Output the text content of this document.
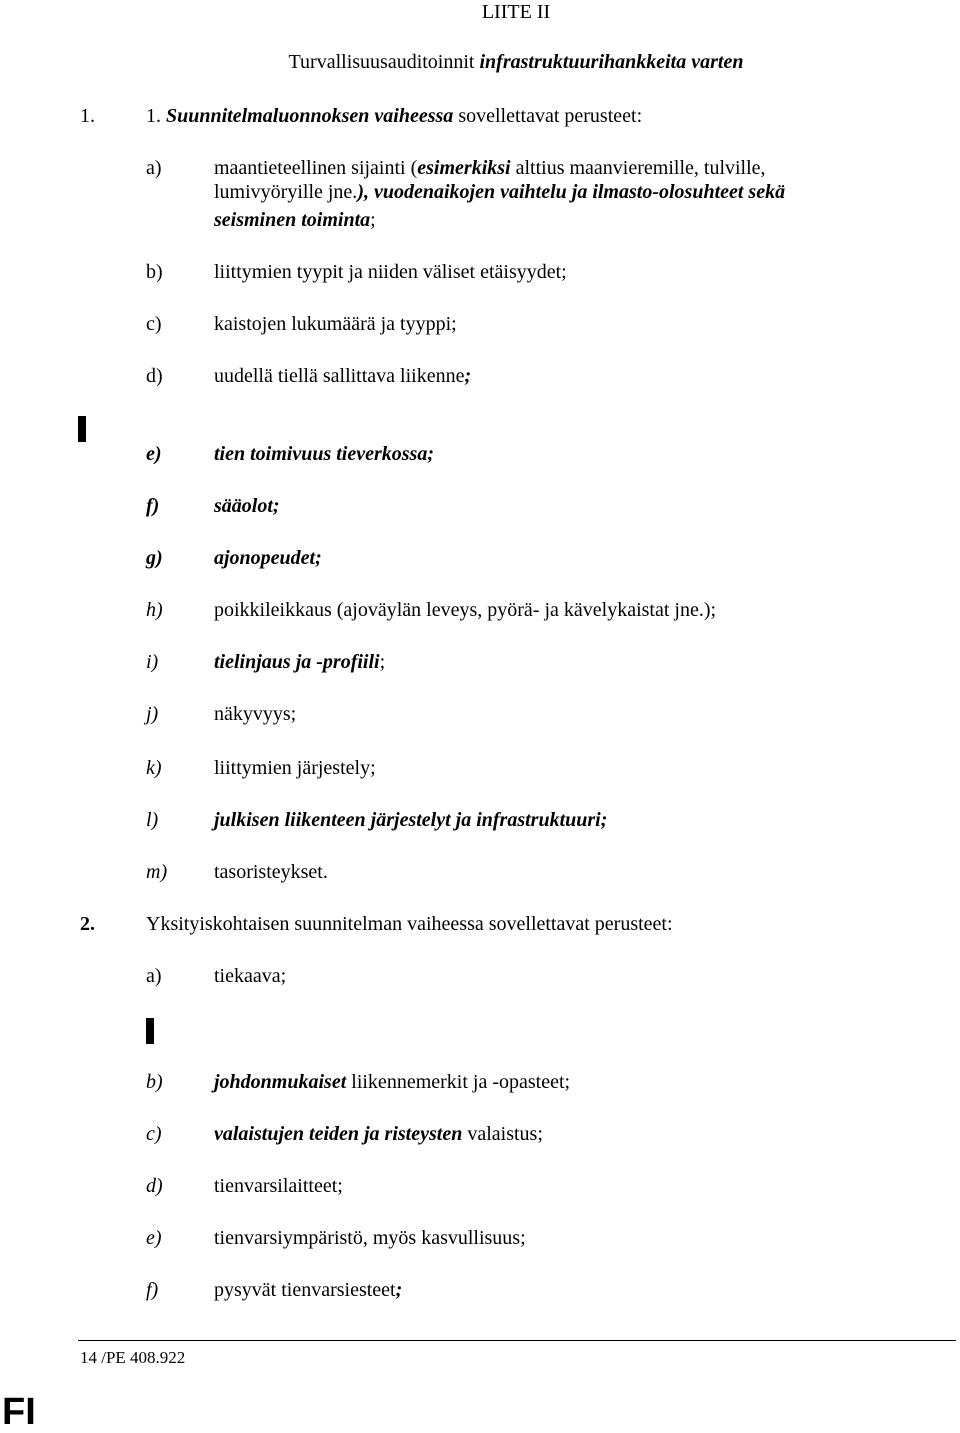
LIITE II
Turvallisuusauditoinnit infrastruktuurihankkeita varten
1.	1. Suunnitelmaluonnoksen vaiheessa sovellettavat perusteet:
a)	maantieteellinen sijainti (esimerkiksi alttius maanvieremille, tulville,
lumivyöryille jne.), vuodenaikojen vaihtelu ja ilmasto-olosuhteet sekä
seisminen toiminta;
b)	liittymien tyypit ja niiden väliset etäisyydet;
c)	kaistojen lukumäärä ja tyyppi;
d)	uudellä tiellä sallittava liikenne;
e)	tien toimivuus tieverkossa;
f)	sääolot;
g)	ajonopeudet;
h)	poikkileikkaus (ajoväylän leveys, pyörä- ja kävelykaistat jne.);
i)	tielinjaus ja -profiili;
j)	näkyvyys;
k)	liittymien järjestely;
l)	julkisen liikenteen järjestelyt ja infrastruktuuri;
m) tasoristeykset.
2.	Yksityiskohtaisen suunnitelman vaiheessa sovellettavat perusteet:
a)	tiekaava;
b)	johdonmukaiset liikennemerkit ja -opasteet;
c)	valaistujen teiden ja risteysten valaistus;
d)	tienvarsilaitteet;
e)	tienvarsiympäristö, myös kasvullisuus;
f)	pysyvät tienvarsiesteet;
14 /PE 408.922
FI
